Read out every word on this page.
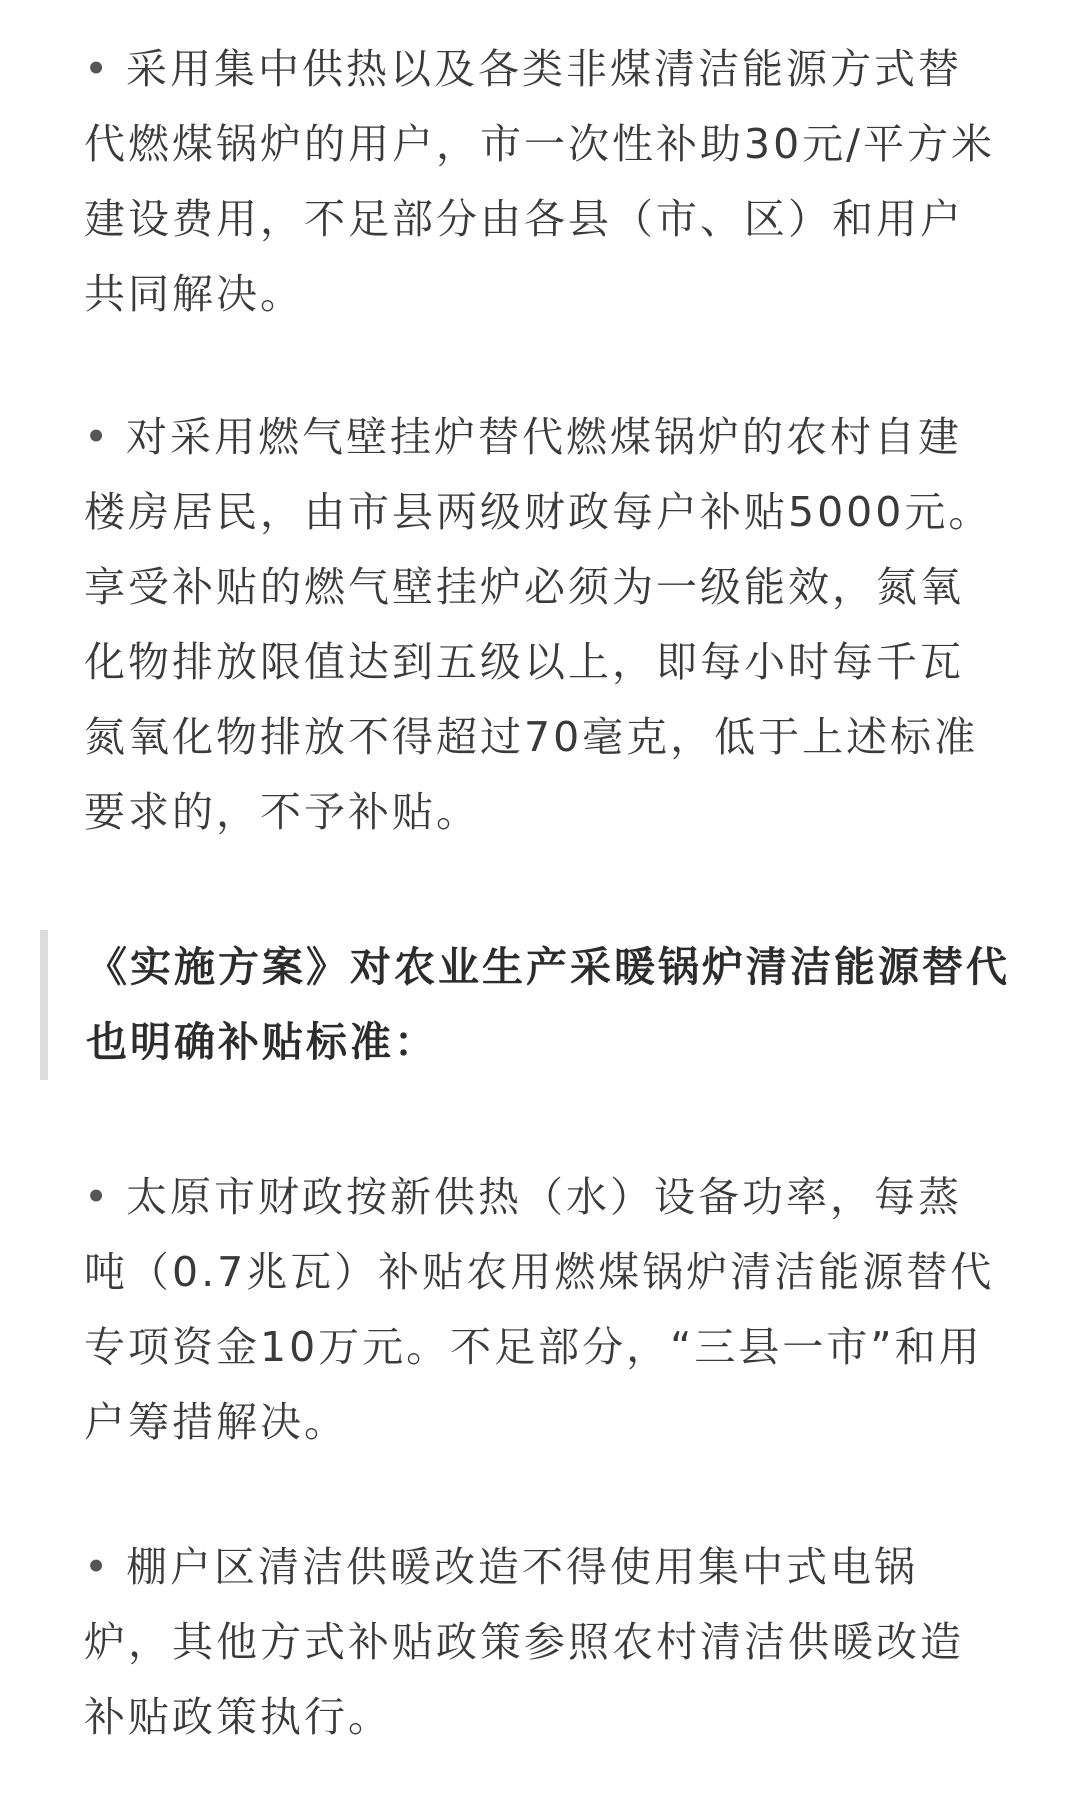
• 采用集中供热以及各类非煤清洁能源方式替代燃煤锅炉的用户，市一次性补助30元/平方米建设费用，不足部分由各县（市、区）和用户共同解决。

• 对采用燃气壁挂炉替代燃煤锅炉的农村自建楼房居民，由市县两级财政每户补贴5000元。享受补贴的燃气壁挂炉必须为一级能效，氮氧化物排放限值达到五级以上，即每小时每千瓦氮氧化物排放不得超过70毫克，低于上述标准要求的，不予补贴。

《实施方案》对农业生产采暖锅炉清洁能源替代也明确补贴标准：

• 太原市财政按新供热（水）设备功率，每蒸吨（0.7兆瓦）补贴农用燃煤锅炉清洁能源替代专项资金10万元。不足部分，“三县一市”和用户筹措解决。

• 棚户区清洁供暖改造不得使用集中式电锅炉，其他方式补贴政策参照农村清洁供暖改造补贴政策执行。
